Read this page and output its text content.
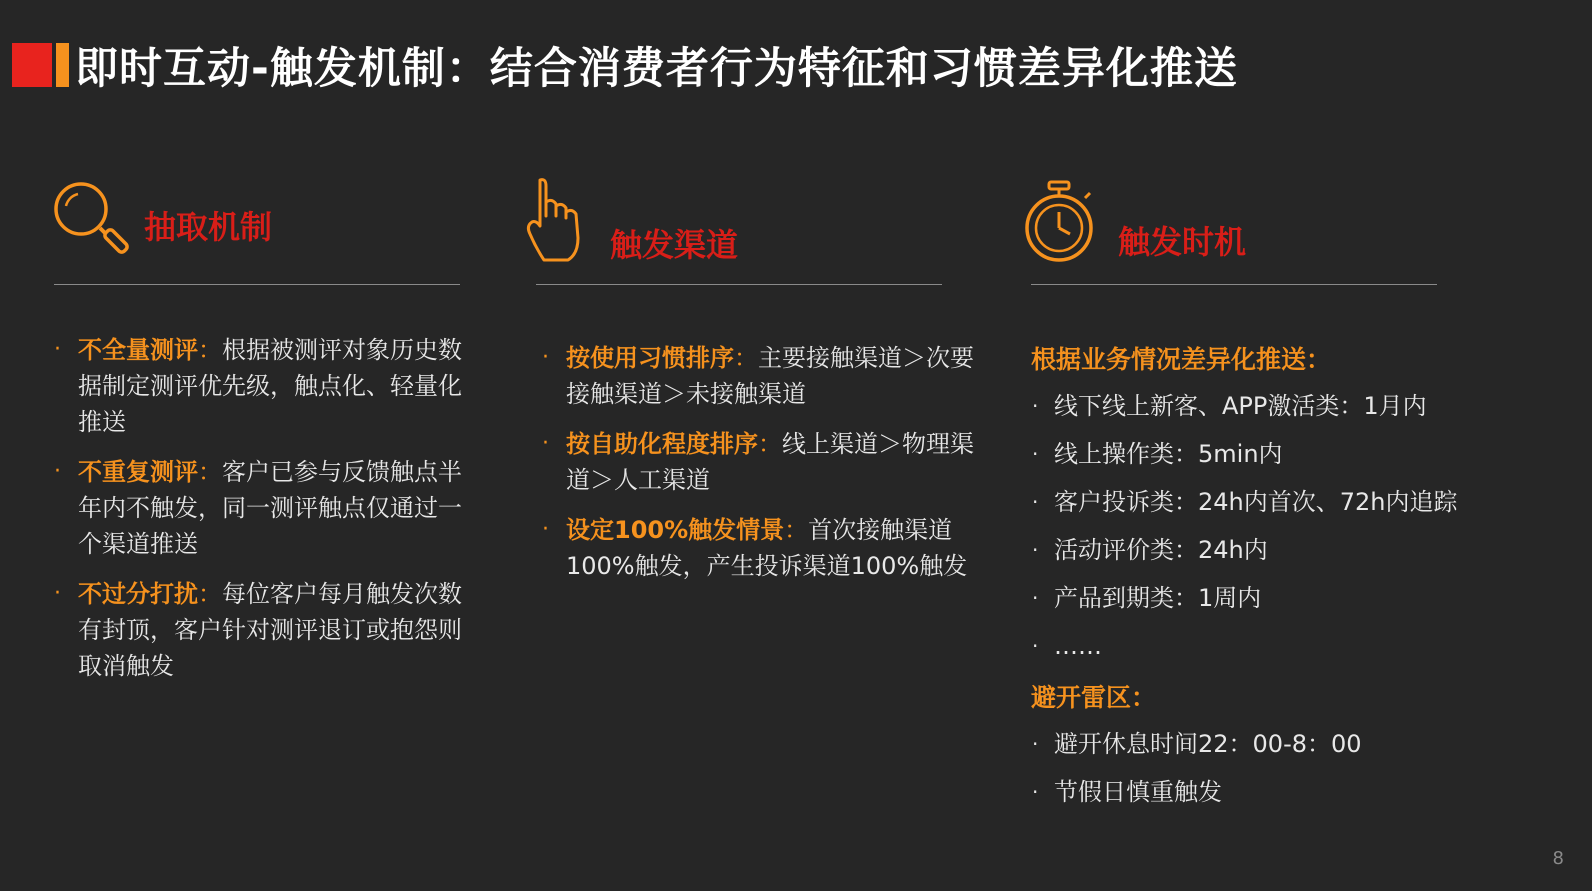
即时互动-触发机制：结合消费者行为特征和习惯差异化推送
抽取机制	触发渠道	触发时机
· 不全量测评：根据被测评对象历史数据制定测评优先级，触点化、轻量化推送
· 不重复测评：客户已参与反馈触点半年内不触发，同一测评触点仅通过一个渠道推送
· 不过分打扰：每位客户每月触发次数有封顶，客户针对测评退订或抱怨则取消触发
· 按使用习惯排序：主要接触渠道＞次要接触渠道＞未接触渠道
· 按自助化程度排序：线上渠道＞物理渠道＞人工渠道
· 设定100%触发情景：首次接触渠道100%触发，产生投诉渠道100%触发
根据业务情况差异化推送：
· 线下线上新客、APP激活类：1月内
· 线上操作类：5min内
· 客户投诉类：24h内首次、72h内追踪
· 活动评价类：24h内
· 产品到期类：1周内
· ……
避开雷区：
· 避开休息时间22：00-8：00
· 节假日慎重触发
8
